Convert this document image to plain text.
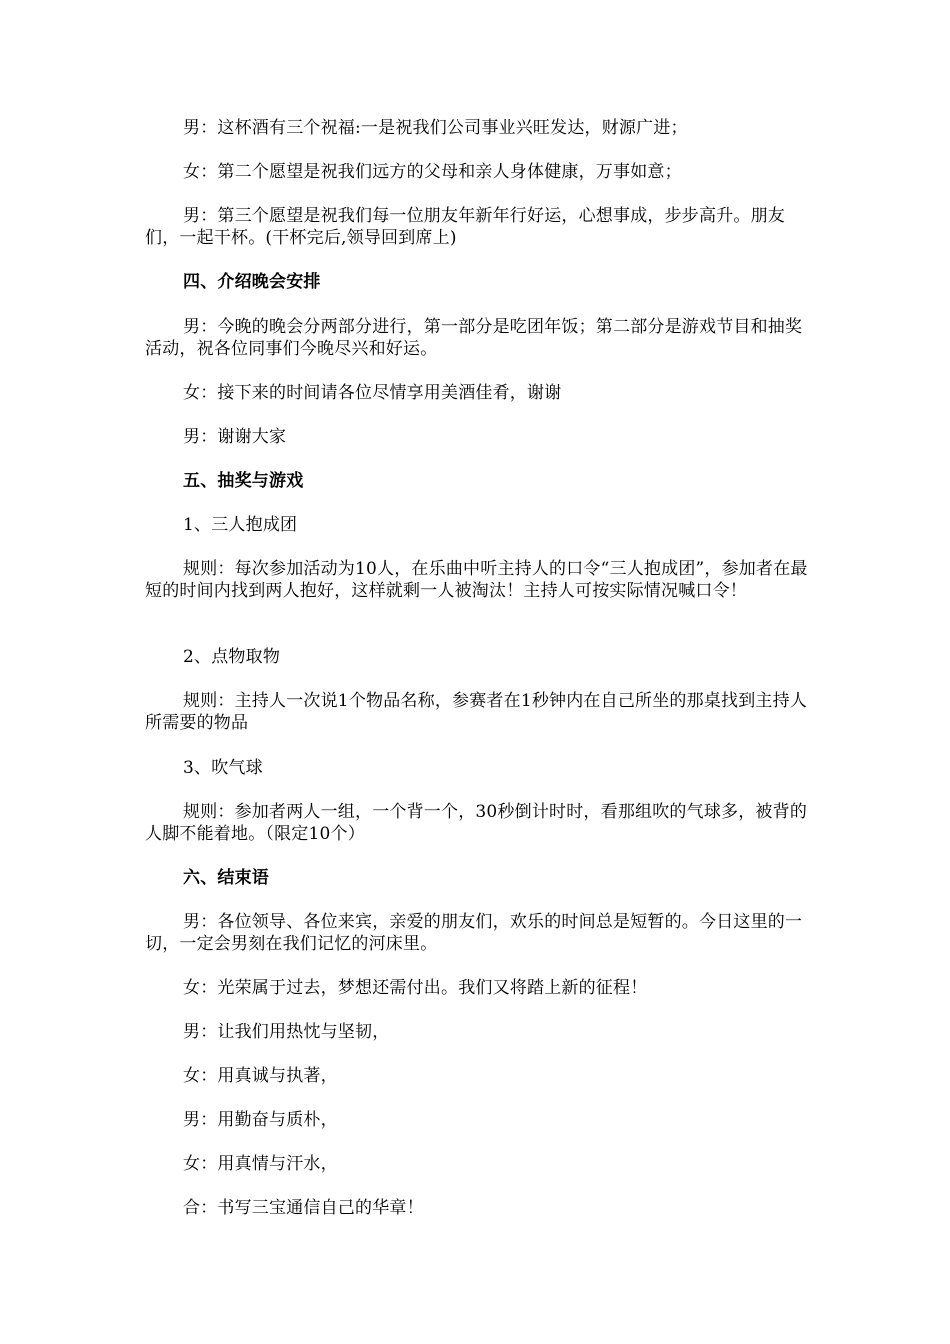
男：这杯酒有三个祝福:一是祝我们公司事业兴旺发达，财源广进；

女：第二个愿望是祝我们远方的父母和亲人身体健康，万事如意；

男：第三个愿望是祝我们每一位朋友年新年行好运，心想事成，步步高升。朋友们，一起干杯。(干杯完后,领导回到席上)

四、介绍晚会安排

男：今晚的晚会分两部分进行，第一部分是吃团年饭；第二部分是游戏节目和抽奖活动，祝各位同事们今晚尽兴和好运。

女：接下来的时间请各位尽情享用美酒佳肴，谢谢

男：谢谢大家

五、抽奖与游戏

1、三人抱成团

规则：每次参加活动为10人，在乐曲中听主持人的口令“三人抱成团”，参加者在最短的时间内找到两人抱好，这样就剩一人被淘汰！主持人可按实际情况喊口令！

2、点物取物

规则：主持人一次说1个物品名称，参赛者在1秒钟内在自己所坐的那桌找到主持人所需要的物品

3、吹气球

规则：参加者两人一组，一个背一个，30秒倒计时时，看那组吹的气球多，被背的人脚不能着地。（限定10个）

六、结束语

男：各位领导、各位来宾，亲爱的朋友们，欢乐的时间总是短暂的。今日这里的一切，一定会男刻在我们记忆的河床里。

女：光荣属于过去，梦想还需付出。我们又将踏上新的征程！

男：让我们用热忱与坚韧，

女：用真诚与执著，

男：用勤奋与质朴，

女：用真情与汗水，

合：书写三宝通信自己的华章！
